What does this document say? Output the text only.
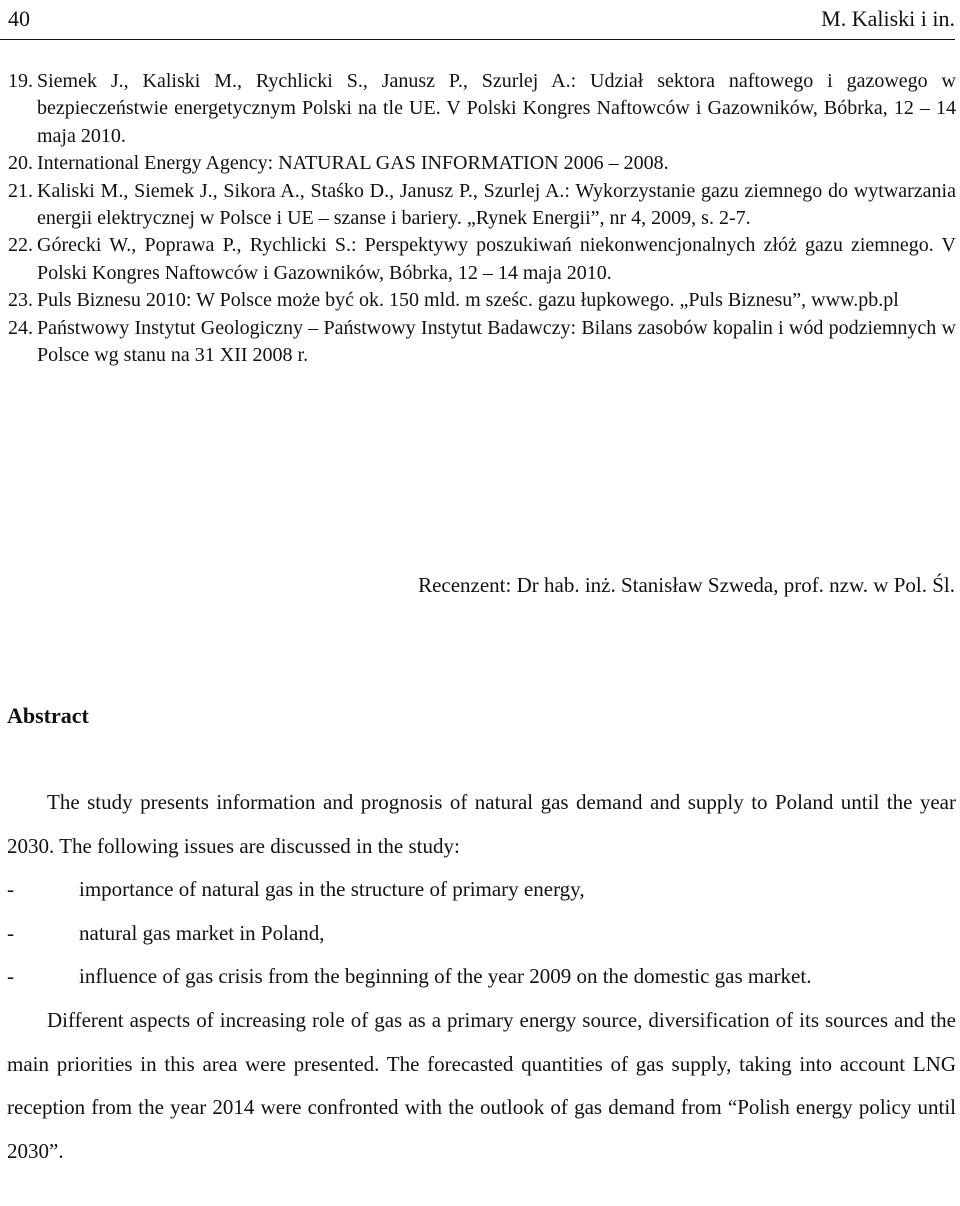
40	M. Kaliski i in.
19. Siemek J., Kaliski M., Rychlicki S., Janusz P., Szurlej A.: Udział sektora naftowego i gazowego w bezpieczeństwie energetycznym Polski na tle UE. V Polski Kongres Naftowców i Gazowników, Bóbrka, 12 – 14 maja 2010.
20. International Energy Agency: NATURAL GAS INFORMATION 2006 – 2008.
21. Kaliski M., Siemek J., Sikora A., Staśko D., Janusz P., Szurlej A.: Wykorzystanie gazu ziemnego do wytwarzania energii elektrycznej w Polsce i UE – szanse i bariery. „Rynek Energii”, nr 4, 2009, s. 2-7.
22. Górecki W., Poprawa P., Rychlicki S.: Perspektywy poszukiwań niekonwencjonalnych złóż gazu ziemnego. V Polski Kongres Naftowców i Gazowników, Bóbrka, 12 – 14 maja 2010.
23. Puls Biznesu 2010: W Polsce może być ok. 150 mld. m sześc. gazu łupkowego. „Puls Biznesu”, www.pb.pl
24. Państwowy Instytut Geologiczny – Państwowy Instytut Badawczy: Bilans zasobów kopalin i wód podziemnych w Polsce wg stanu na 31 XII 2008 r.
Recenzent: Dr hab. inż. Stanisław Szweda, prof. nzw. w Pol. Śl.
Abstract

The study presents information and prognosis of natural gas demand and supply to Poland until the year 2030. The following issues are discussed in the study:

-	importance of natural gas in the structure of primary energy,
-	natural gas market in Poland,
-	influence of gas crisis from the beginning of the year 2009 on the domestic gas market.

Different aspects of increasing role of gas as a primary energy source, diversification of its sources and the main priorities in this area were presented. The forecasted quantities of gas supply, taking into account LNG reception from the year 2014 were confronted with the outlook of gas demand from “Polish energy policy until 2030”.
